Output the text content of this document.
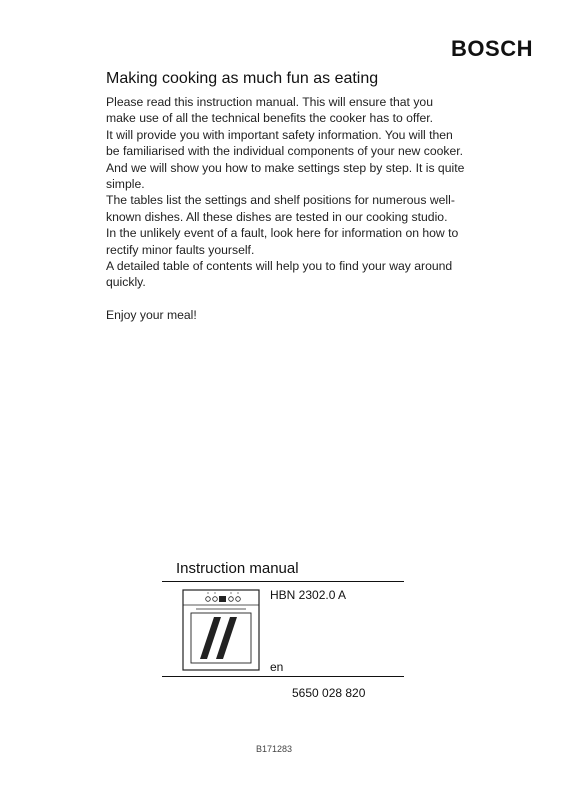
BOSCH
Making cooking as much fun as eating

Please read this instruction manual. This will ensure that you make use of all the technical benefits the cooker has to offer.

It will provide you with important safety information. You will then be familiarised with the individual components of your new cooker. And we will show you how to make settings step by step. It is quite simple.

The tables list the settings and shelf positions for numerous well-known dishes. All these dishes are tested in our cooking studio.

In the unlikely event of a fault, look here for information on how to rectify minor faults yourself.

A detailed table of contents will help you to find your way around quickly.

Enjoy your meal!

Instruction manual
HBN 2302.0 A
en
5650 028 820
B171283
